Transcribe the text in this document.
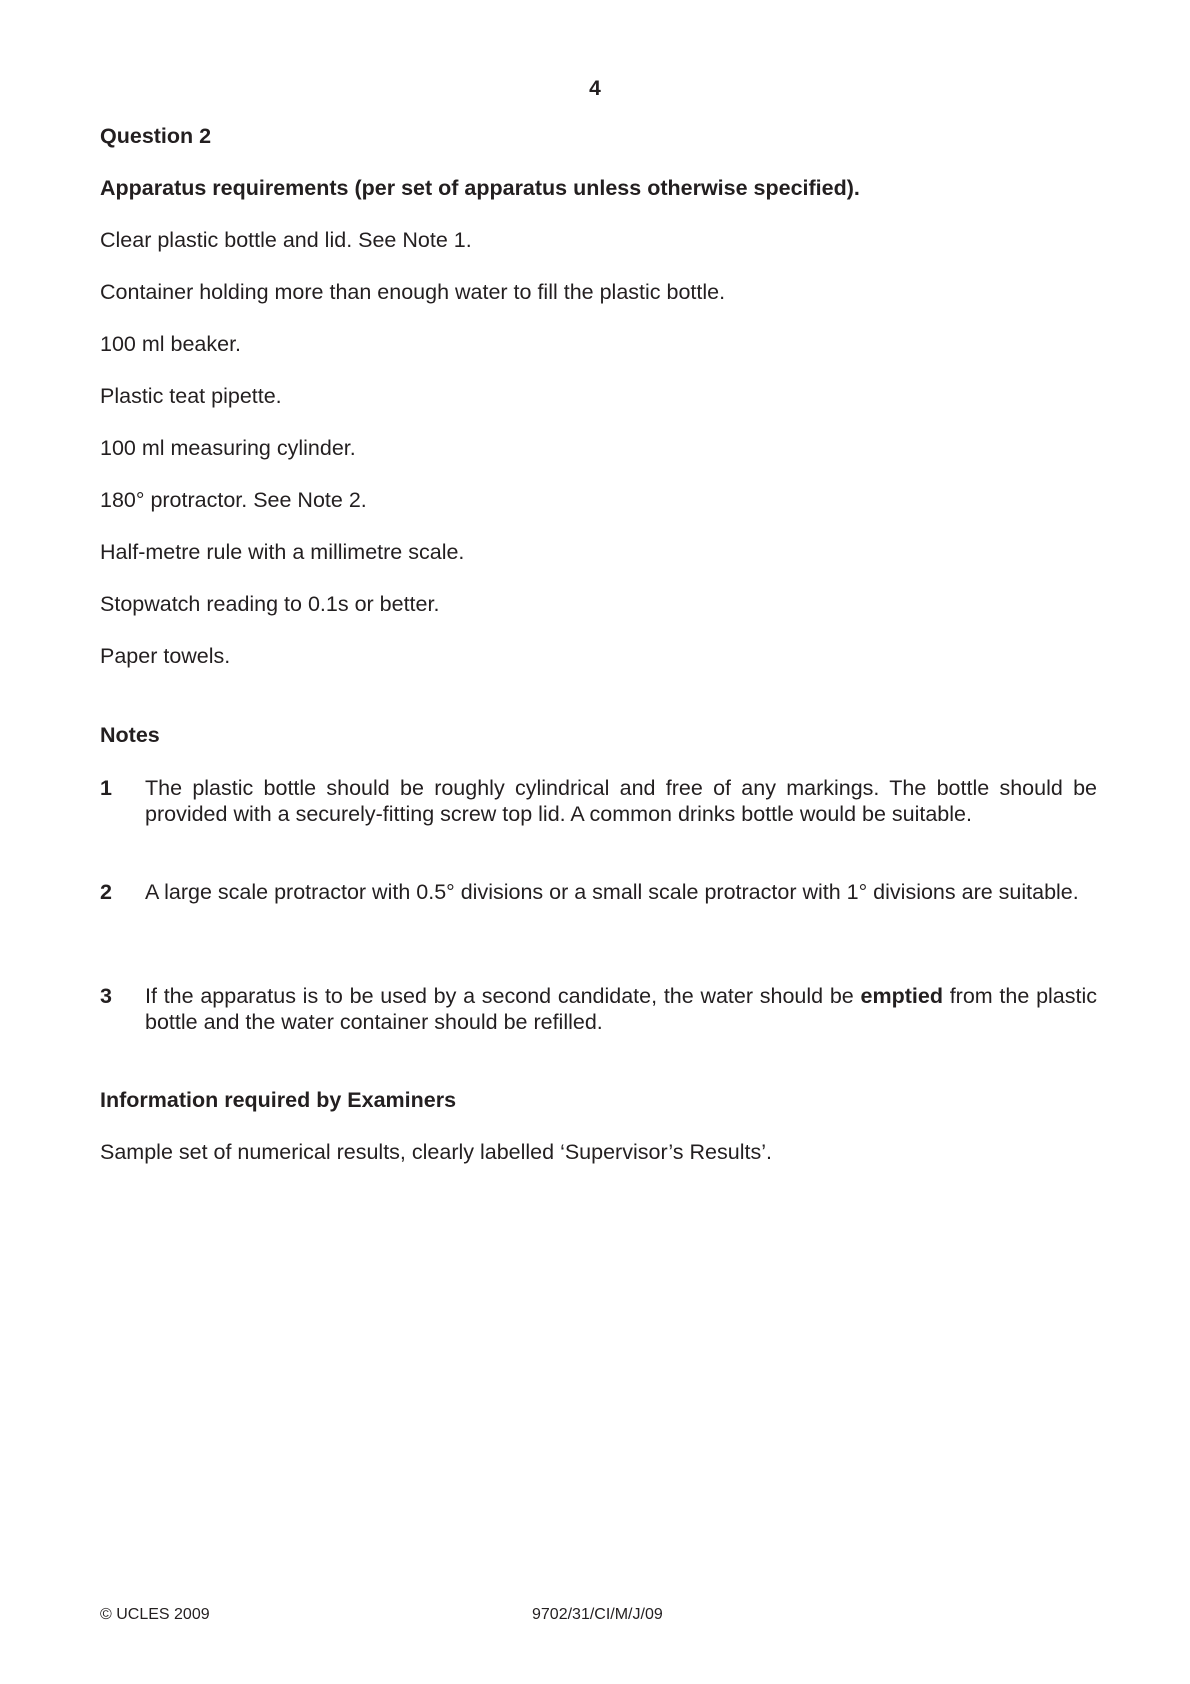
4
Question 2
Apparatus requirements (per set of apparatus unless otherwise specified).
Clear plastic bottle and lid. See Note 1.
Container holding more than enough water to fill the plastic bottle.
100 ml beaker.
Plastic teat pipette.
100 ml measuring cylinder.
180° protractor. See Note 2.
Half-metre rule with a millimetre scale.
Stopwatch reading to 0.1s or better.
Paper towels.
Notes
1 The plastic bottle should be roughly cylindrical and free of any markings. The bottle should be provided with a securely-fitting screw top lid. A common drinks bottle would be suitable.
2 A large scale protractor with 0.5° divisions or a small scale protractor with 1° divisions are suitable.
3 If the apparatus is to be used by a second candidate, the water should be emptied from the plastic bottle and the water container should be refilled.
Information required by Examiners
Sample set of numerical results, clearly labelled ‘Supervisor’s Results’.
© UCLES 2009	9702/31/CI/M/J/09
